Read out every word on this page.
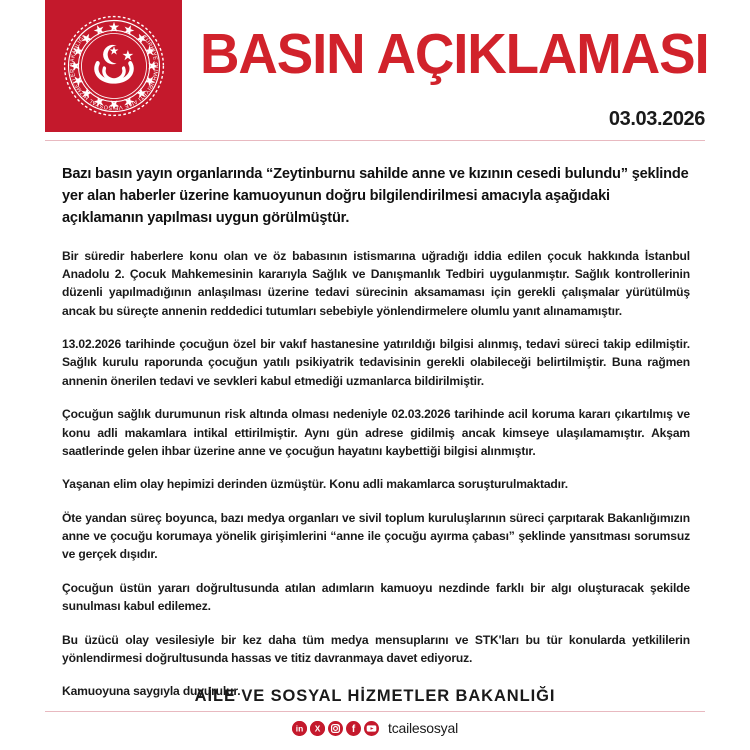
TÜRKİYE CUMHURİYETİ AİLE VE SOSYAL HİZMETLER BAKANLIĞI	BASIN AÇIKLAMASI
03.03.2026

Bazı basın yayın organlarında “Zeytinburnu sahilde anne ve kızının cesedi bulundu” şeklinde yer alan haberler üzerine kamuoyunun doğru bilgilendirilmesi amacıyla aşağıdaki açıklamanın yapılması uygun görülmüştür.

Bir süredir haberlere konu olan ve öz babasının istismarına uğradığı iddia edilen çocuk hakkında İstanbul Anadolu 2. Çocuk Mahkemesinin kararıyla Sağlık ve Danışmanlık Tedbiri uygulanmıştır. Sağlık kontrollerinin düzenli yapılmadığının anlaşılması üzerine tedavi sürecinin aksamaması için gerekli çalışmalar yürütülmüş ancak bu süreçte annenin reddedici tutumları sebebiyle yönlendirmelere olumlu yanıt alınamamıştır.

13.02.2026 tarihinde çocuğun özel bir vakıf hastanesine yatırıldığı bilgisi alınmış, tedavi süreci takip edilmiştir. Sağlık kurulu raporunda çocuğun yatılı psikiyatrik tedavisinin gerekli olabileceği belirtilmiştir. Buna rağmen annenin önerilen tedavi ve sevkleri kabul etmediği uzmanlarca bildirilmiştir.

Çocuğun sağlık durumunun risk altında olması nedeniyle 02.03.2026 tarihinde acil koruma kararı çıkartılmış ve konu adli makamlara intikal ettirilmiştir. Aynı gün adrese gidilmiş ancak kimseye ulaşılamamıştır. Akşam saatlerinde gelen ihbar üzerine anne ve çocuğun hayatını kaybettiği bilgisi alınmıştır.

Yaşanan elim olay hepimizi derinden üzmüştür. Konu adli makamlarca soruşturulmaktadır.

Öte yandan süreç boyunca, bazı medya organları ve sivil toplum kuruluşlarının süreci çarpıtarak Bakanlığımızın anne ve çocuğu korumaya yönelik girişimlerini “anne ile çocuğu ayırma çabası” şeklinde yansıtması sorumsuz ve gerçek dışıdır.

Çocuğun üstün yararı doğrultusunda atılan adımların kamuoyu nezdinde farklı bir algı oluşturacak şekilde sunulması kabul edilemez.

Bu üzücü olay vesilesiyle bir kez daha tüm medya mensuplarını ve STK'ları bu tür konularda yetkililerin yönlendirmesi doğrultusunda hassas ve titiz davranmaya davet ediyoruz.

Kamuoyuna saygıyla duyurulur.

AİLE VE SOSYAL HİZMETLER BAKANLIĞI
in X	f tcailesosyal
